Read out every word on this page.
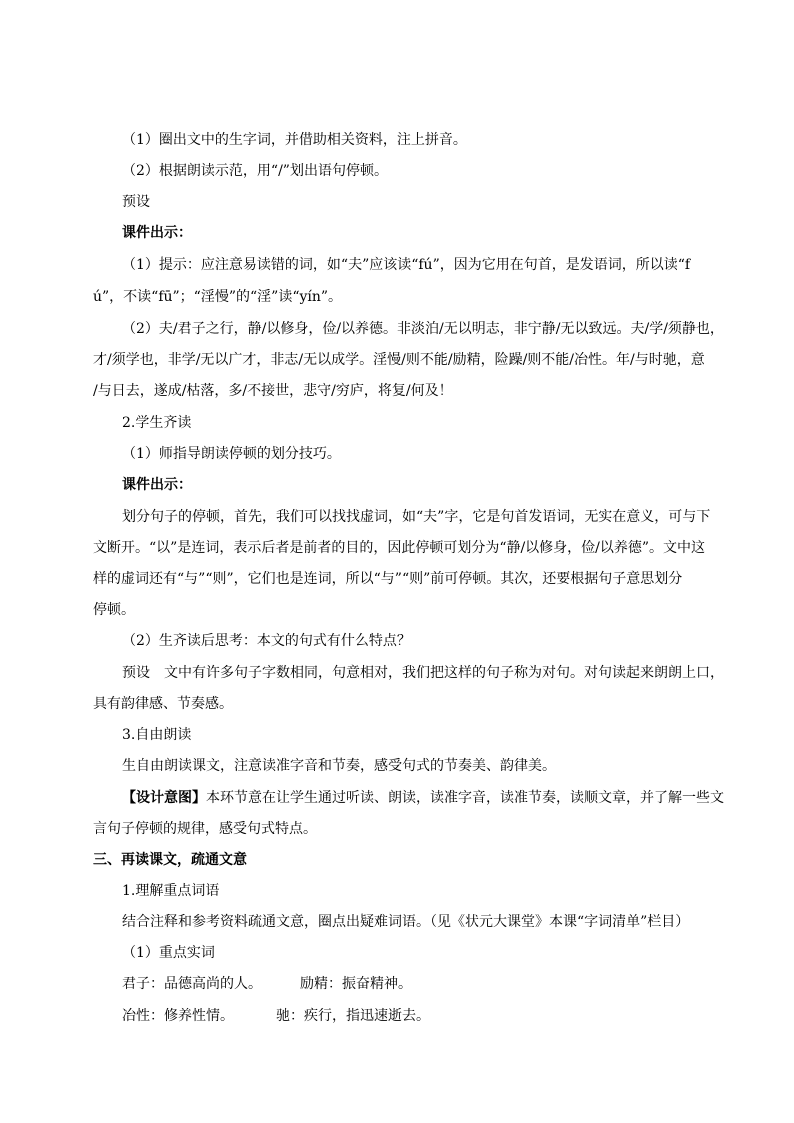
（1）圈出文中的生字词，并借助相关资料，注上拼音。
（2）根据朗读示范，用“/”划出语句停顿。
预设
课件出示：
（1）提示：应注意易读错的词，如“夫”应该读“fú”，因为它用在句首，是发语词，所以读“f
ú”，不读“fū”；“淫慢”的“淫”读“yín”。
（2）夫/君子之行，静/以修身，俭/以养德。非淡泊/无以明志，非宁静/无以致远。夫/学/须静也，
才/须学也，非学/无以广才，非志/无以成学。淫慢/则不能/励精，险躁/则不能/冶性。年/与时驰，意
/与日去，遂成/枯落，多/不接世，悲守/穷庐，将复/何及！
2.学生齐读
（1）师指导朗读停顿的划分技巧。
课件出示：
划分句子的停顿，首先，我们可以找找虚词，如“夫”字，它是句首发语词，无实在意义，可与下
文断开。“以”是连词，表示后者是前者的目的，因此停顿可划分为“静/以修身，俭/以养德”。文中这
样的虚词还有“与”“则”，它们也是连词，所以“与”“则”前可停顿。其次，还要根据句子意思划分
停顿。
（2）生齐读后思考：本文的句式有什么特点？
预设　文中有许多句子字数相同，句意相对，我们把这样的句子称为对句。对句读起来朗朗上口，
具有韵律感、节奏感。
3.自由朗读
生自由朗读课文，注意读准字音和节奏，感受句式的节奏美、韵律美。
【设计意图】本环节意在让学生通过听读、朗读，读准字音，读准节奏，读顺文章，并了解一些文
言句子停顿的规律，感受句式特点。
三、再读课文，疏通文意
1.理解重点词语
结合注释和参考资料疏通文意，圈点出疑难词语。（见《状元大课堂》本课“字词清单”栏目）
（1）重点实词
君子：品德高尚的人。	励精：振奋精神。
冶性：修养性情。	驰：疾行，指迅速逝去。
